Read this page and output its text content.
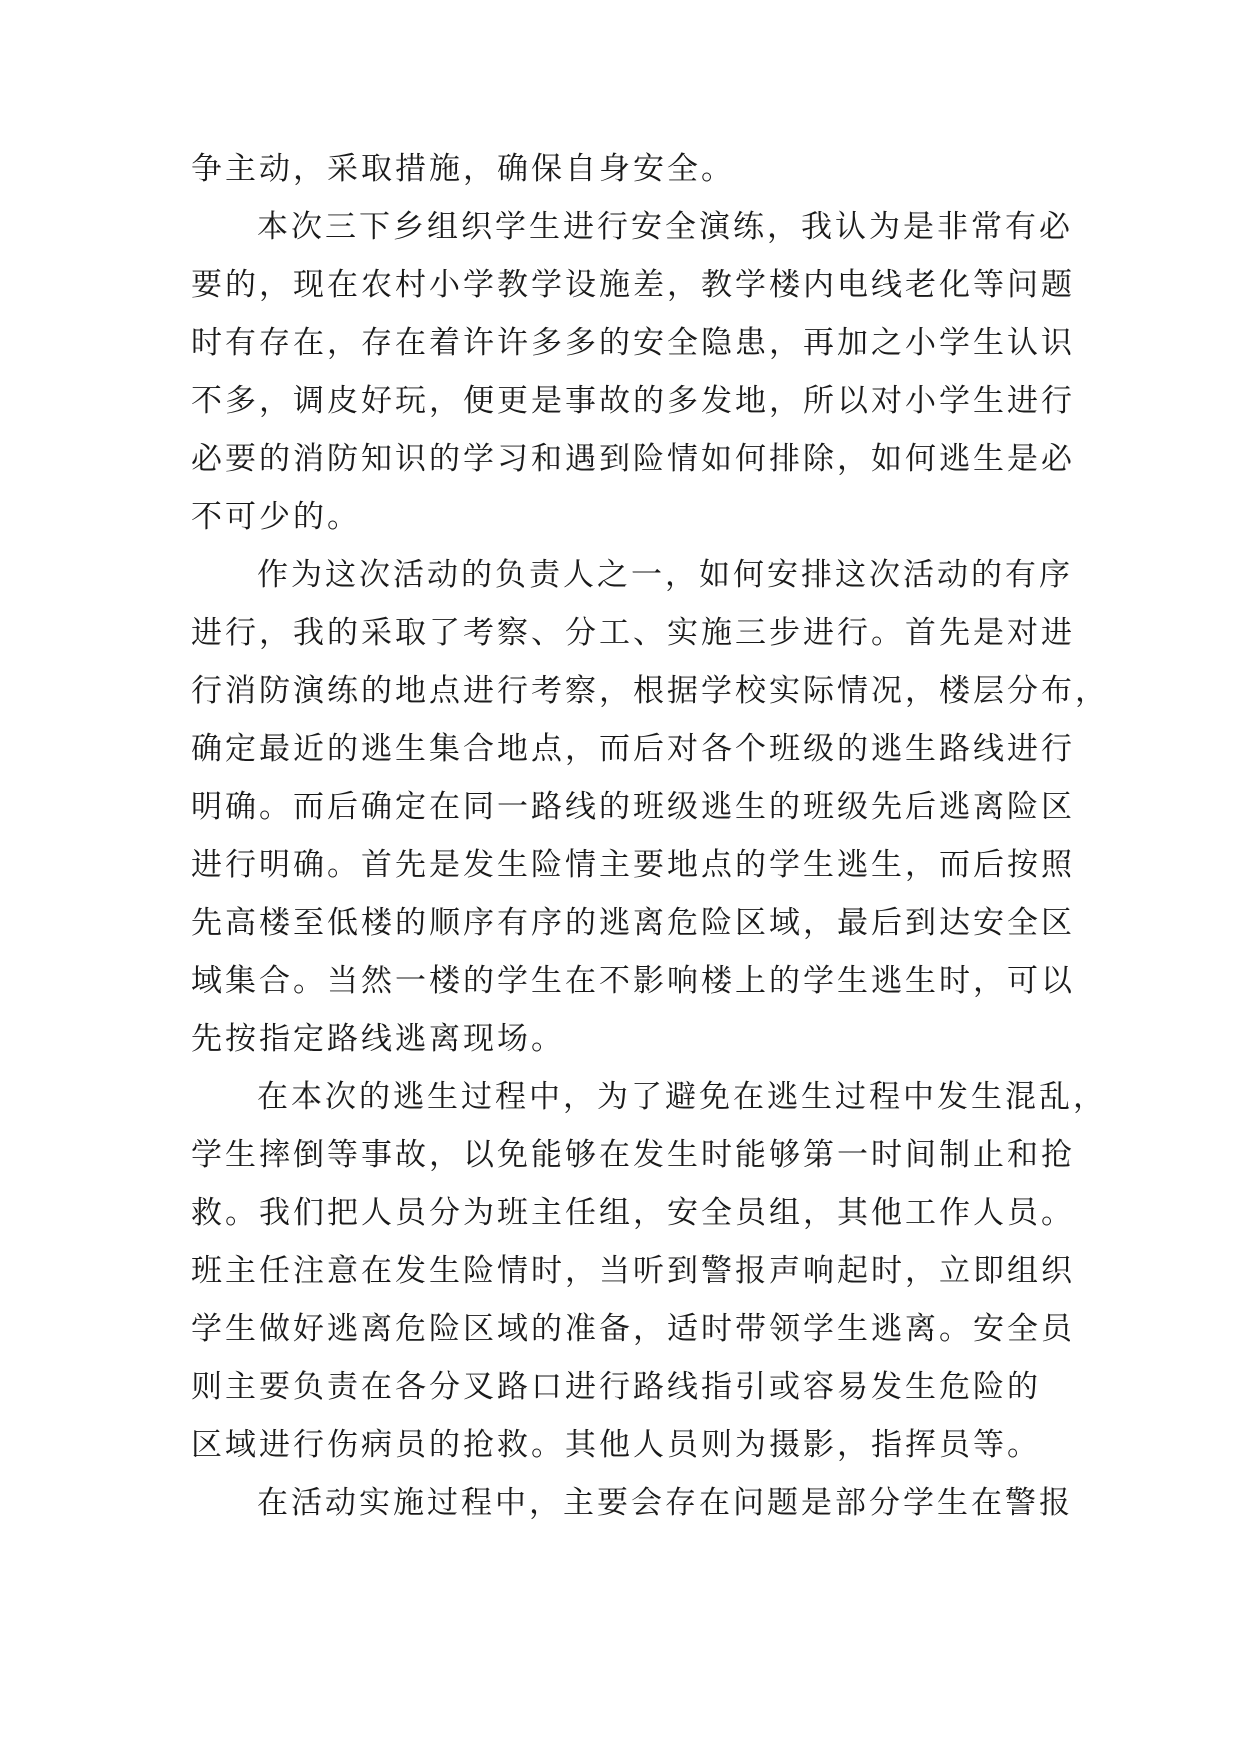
争主动，采取措施，确保自身安全。
本次三下乡组织学生进行安全演练，我认为是非常有必
要的，现在农村小学教学设施差，教学楼内电线老化等问题
时有存在，存在着许许多多的安全隐患，再加之小学生认识
不多，调皮好玩，便更是事故的多发地，所以对小学生进行
必要的消防知识的学习和遇到险情如何排除，如何逃生是必
不可少的。
作为这次活动的负责人之一，如何安排这次活动的有序
进行，我的采取了考察、分工、实施三步进行。首先是对进
行消防演练的地点进行考察，根据学校实际情况，楼层分布，
确定最近的逃生集合地点，而后对各个班级的逃生路线进行
明确。而后确定在同一路线的班级逃生的班级先后逃离险区
进行明确。首先是发生险情主要地点的学生逃生，而后按照
先高楼至低楼的顺序有序的逃离危险区域，最后到达安全区
域集合。当然一楼的学生在不影响楼上的学生逃生时，可以
先按指定路线逃离现场。
在本次的逃生过程中，为了避免在逃生过程中发生混乱，
学生摔倒等事故，以免能够在发生时能够第一时间制止和抢
救。我们把人员分为班主任组，安全员组，其他工作人员。
班主任注意在发生险情时，当听到警报声响起时，立即组织
学生做好逃离危险区域的准备，适时带领学生逃离。安全员
则主要负责在各分叉路口进行路线指引或容易发生危险的
区域进行伤病员的抢救。其他人员则为摄影，指挥员等。
在活动实施过程中，主要会存在问题是部分学生在警报
